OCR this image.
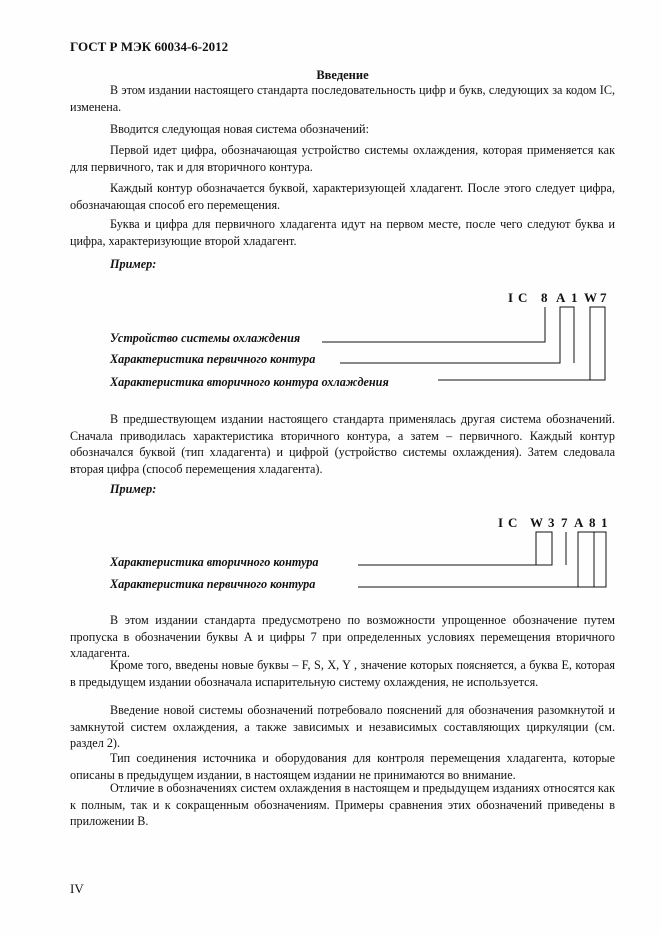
ГОСТ Р МЭК 60034-6-2012
Введение

В этом издании настоящего стандарта последовательность цифр и букв, следующих за кодом IC, изменена.

Вводится следующая новая система обозначений:

Первой идет цифра, обозначающая устройство системы охлаждения, которая применяется как для первичного, так и для вторичного контура.

Каждый контур обозначается буквой, характеризующей хладагент. После этого следует цифра, обозначающая способ его перемещения.

Буква и цифра для первичного хладагента идут на первом месте, после чего следуют буква и цифра, характеризующие второй хладагент.

Пример:

I C 8 A 1 W 7
Устройство системы охлаждения
Характеристика первичного контура
Характеристика вторичного контура охлаждения

В предшествующем издании настоящего стандарта применялась другая система обозначений. Сначала приводилась характеристика вторичного контура, а затем – первичного. Каждый контур обозначался буквой (тип хладагента) и цифрой (устройство системы охлаждения). Затем следовала вторая цифра (способ перемещения хладагента).

Пример:

I C W 3 7 A 8 1
Характеристика вторичного контура
Характеристика первичного контура

В этом издании стандарта предусмотрено по возможности упрощенное обозначение путем пропуска в обозначении буквы A и цифры 7 при определенных условиях перемещения вторичного хладагента.

Кроме того, введены новые буквы – F, S, X, Y , значение которых поясняется, а буква E, которая в предыдущем издании обозначала испарительную систему охлаждения, не используется.

Введение новой системы обозначений потребовало пояснений для обозначения разомкнутой и замкнутой систем охлаждения, а также зависимых и независимых составляющих циркуляции (см. раздел 2).

Тип соединения источника и оборудования для контроля перемещения хладагента, которые описаны в предыдущем издании, в настоящем издании не принимаются во внимание.

Отличие в обозначениях систем охлаждения в настоящем и предыдущем изданиях относятся как к полным, так и к сокращенным обозначениям. Примеры сравнения этих обозначений приведены в приложении В.

IV
